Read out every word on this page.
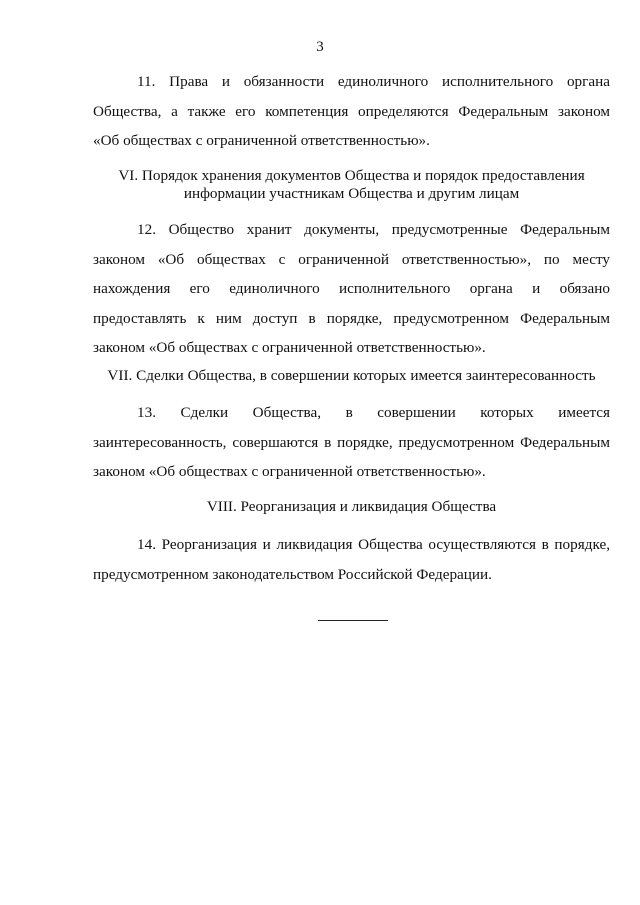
3
11. Права и обязанности единоличного исполнительного органа
Общества, а также его компетенция определяются Федеральным законом
«Об обществах с ограниченной ответственностью».
VI. Порядок хранения документов Общества и порядок предоставления
информации участникам Общества и другим лицам
12. Общество хранит документы, предусмотренные Федеральным
законом «Об обществах с ограниченной ответственностью», по месту
нахождения его единоличного исполнительного органа и обязано
предоставлять к ним доступ в порядке, предусмотренном Федеральным
законом «Об обществах с ограниченной ответственностью».
VII. Сделки Общества, в совершении которых имеется заинтересованность
13. Сделки Общества, в совершении которых имеется
заинтересованность, совершаются в порядке, предусмотренном Федеральным
законом «Об обществах с ограниченной ответственностью».
VIII. Реорганизация и ликвидация Общества
14. Реорганизация и ликвидация Общества осуществляются в порядке,
предусмотренном законодательством Российской Федерации.
